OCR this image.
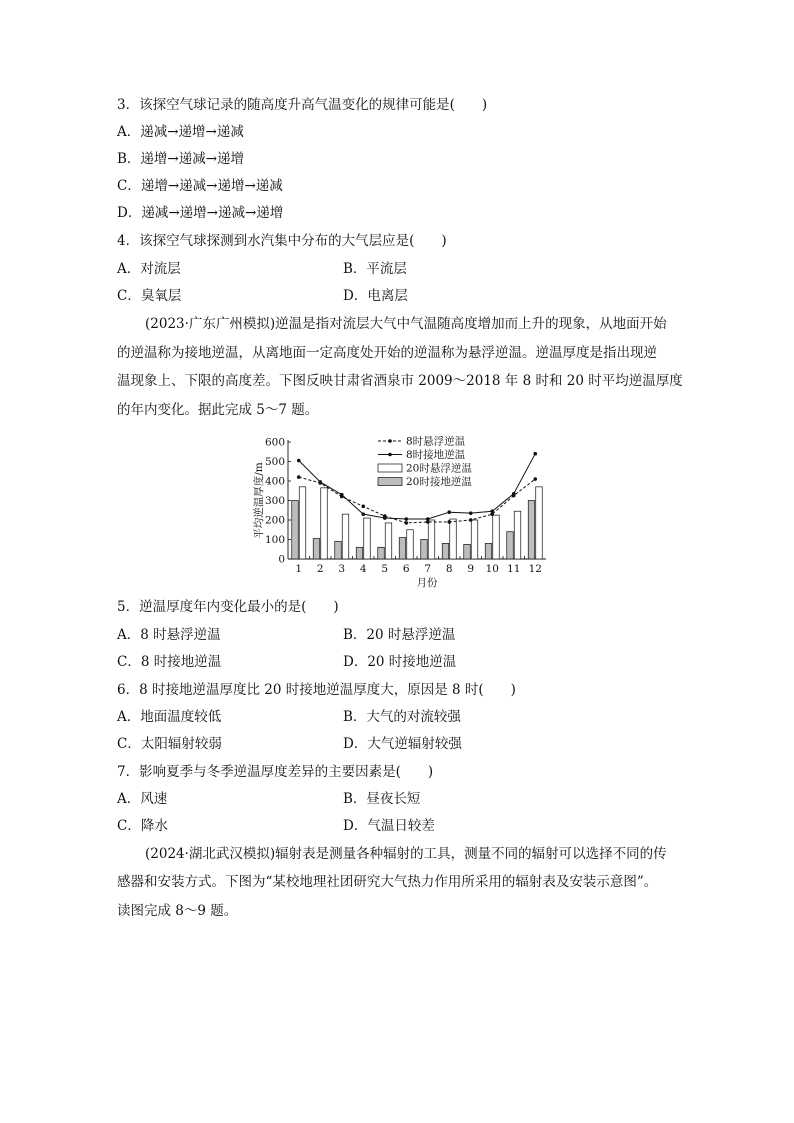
3．该探空气球记录的随高度升高气温变化的规律可能是(　　)
A．递减→递增→递减
B．递增→递减→递增
C．递增→递减→递增→递减
D．递减→递增→递减→递增
4．该探空气球探测到水汽集中分布的大气层应是(　　)
A．对流层	B．平流层
C．臭氧层	D．电离层
(2023·广东广州模拟)逆温是指对流层大气中气温随高度增加而上升的现象，从地面开始
的逆温称为接地逆温，从离地面一定高度处开始的逆温称为悬浮逆温。逆温厚度是指出现逆
温现象上、下限的高度差。下图反映甘肃省酒泉市 2009～2018 年 8 时和 20 时平均逆温厚度
的年内变化。据此完成 5～7 题。
0
100
200
300
400
500
600
平均逆温厚度/m
1 2 3 4 5 6 7 8 9 10 11 12
月份
8时悬浮逆温
8时接地逆温
20时悬浮逆温
20时接地逆温
5．逆温厚度年内变化最小的是(　　)
A．8 时悬浮逆温	B．20 时悬浮逆温
C．8 时接地逆温	D．20 时接地逆温
6．8 时接地逆温厚度比 20 时接地逆温厚度大，原因是 8 时(　　)
A．地面温度较低	B．大气的对流较强
C．太阳辐射较弱	D．大气逆辐射较强
7．影响夏季与冬季逆温厚度差异的主要因素是(　　)
A．风速	B．昼夜长短
C．降水	D．气温日较差
(2024·湖北武汉模拟)辐射表是测量各种辐射的工具，测量不同的辐射可以选择不同的传
感器和安装方式。下图为“某校地理社团研究大气热力作用所采用的辐射表及安装示意图”。
读图完成 8～9 题。
